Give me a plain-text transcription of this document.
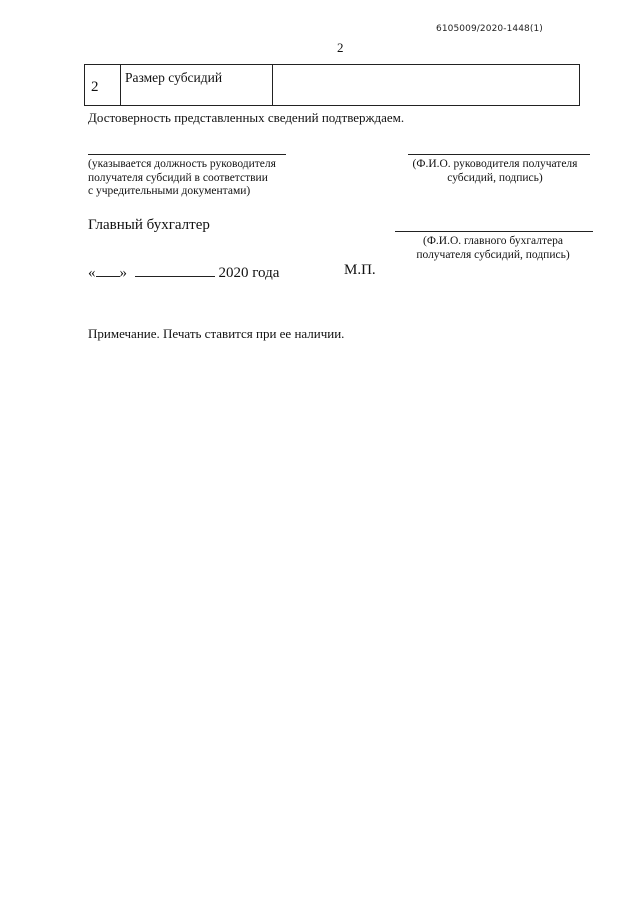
6105009/2020-1448(1)
2
2
Размер субсидий
Достоверность представленных сведений подтверждаем.
(указывается должность руководителя
получателя субсидий в соответствии
с учредительными документами)
(Ф.И.О. руководителя получателя
субсидий, подпись)
Главный бухгалтер
(Ф.И.О. главного бухгалтера
получателя субсидий, подпись)
« »	2020 года	М.П.
Примечание. Печать ставится при ее наличии.
